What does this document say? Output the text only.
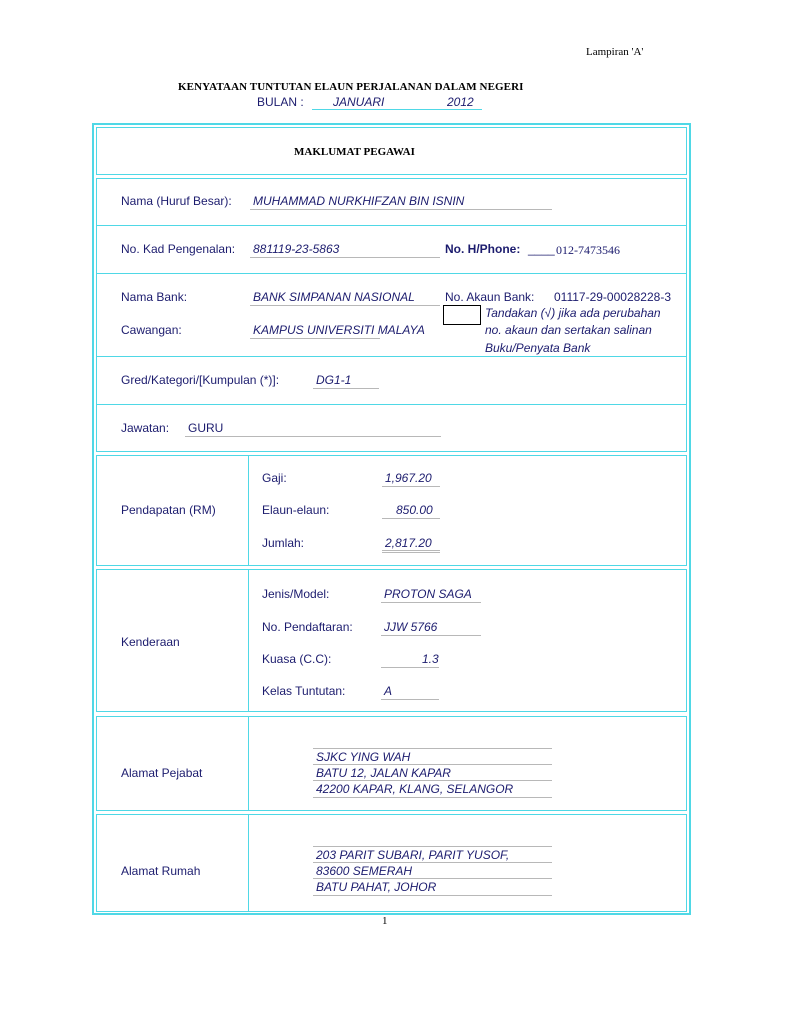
Lampiran 'A'
KENYATAAN TUNTUTAN ELAUN PERJALANAN DALAM NEGERI
BULAN : JANUARI	2012
MAKLUMAT PEGAWAI
Nama (Huruf Besar): MUHAMMAD NURKHIFZAN BIN ISNIN
No. Kad Pengenalan: 881119-23-5863	No. H/Phone: ____ 012-7473546
Nama Bank:	BANK SIMPANAN NASIONAL	No. Akaun Bank: 01117-29-00028228-3
Tandakan (√) jika ada perubahan
no. akaun dan sertakan salinan
Buku/Penyata Bank
Cawangan:	KAMPUS UNIVERSITI MALAYA
Gred/Kategori/[Kumpulan (*)]:	DG1-1
Jawatan: GURU
Pendapatan (RM)
Gaji:	1,967.20
Elaun-elaun:	850.00
Jumlah:	2,817.20
Kenderaan
Jenis/Model:	PROTON SAGA
No. Pendaftaran:	JJW 5766
Kuasa (C.C):	1.3
Kelas Tuntutan:	A
Alamat Pejabat
SJKC YING WAH
BATU 12, JALAN KAPAR
42200 KAPAR, KLANG, SELANGOR
Alamat Rumah
203 PARIT SUBARI, PARIT YUSOF,
83600 SEMERAH
BATU PAHAT, JOHOR
1
